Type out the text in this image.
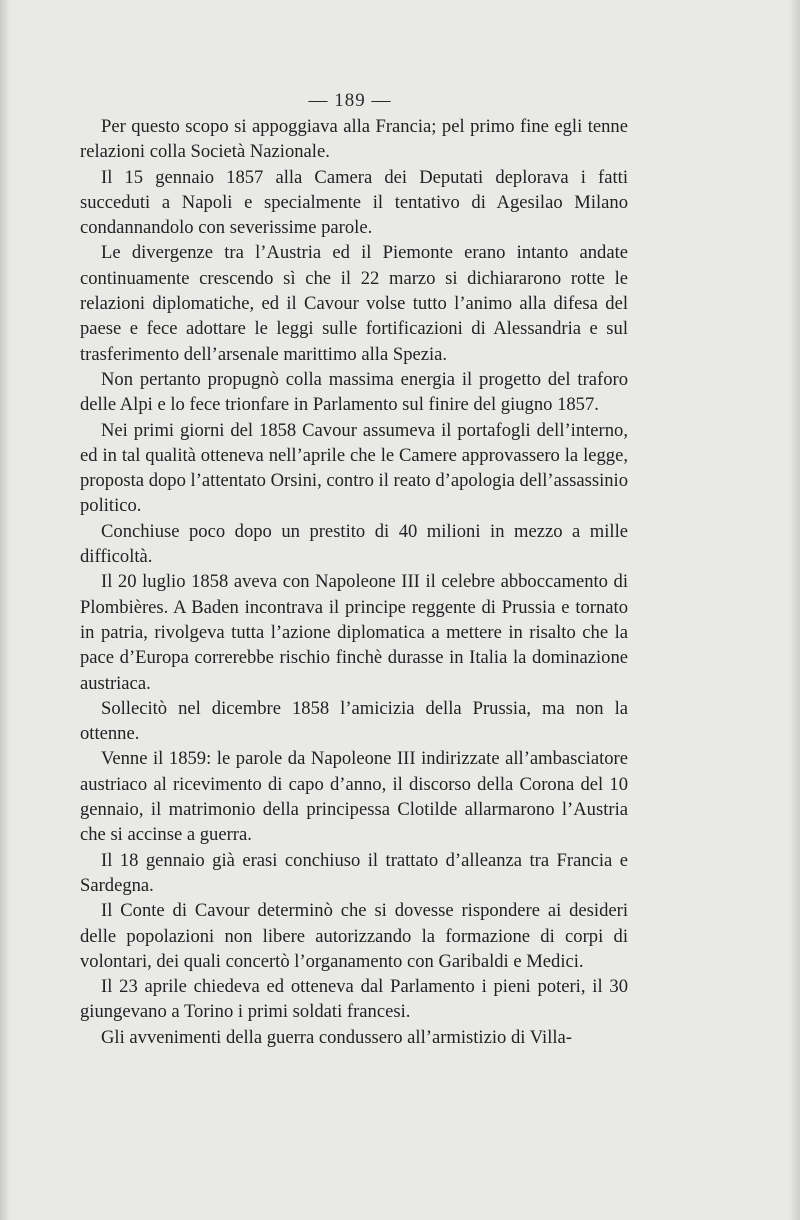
— 189 —

Per questo scopo si appoggiava alla Francia; pel primo fine egli tenne relazioni colla Società Nazionale.

Il 15 gennaio 1857 alla Camera dei Deputati deplorava i fatti succeduti a Napoli e specialmente il tentativo di Agesilao Milano condannandolo con severissime parole.

Le divergenze tra l’Austria ed il Piemonte erano intanto andate continuamente crescendo sì che il 22 marzo si dichiararono rotte le relazioni diplomatiche, ed il Cavour volse tutto l’animo alla difesa del paese e fece adottare le leggi sulle fortificazioni di Alessandria e sul trasferimento dell’arsenale marittimo alla Spezia.

Non pertanto propugnò colla massima energia il progetto del traforo delle Alpi e lo fece trionfare in Parlamento sul finire del giugno 1857.

Nei primi giorni del 1858 Cavour assumeva il portafogli dell’interno, ed in tal qualità otteneva nell’aprile che le Camere approvassero la legge, proposta dopo l’attentato Orsini, contro il reato d’apologia dell’assassinio politico.

Conchiuse poco dopo un prestito di 40 milioni in mezzo a mille difficoltà.

Il 20 luglio 1858 aveva con Napoleone III il celebre abboccamento di Plombières. A Baden incontrava il principe reggente di Prussia e tornato in patria, rivolgeva tutta l’azione diplomatica a mettere in risalto che la pace d’Europa correrebbe rischio finchè durasse in Italia la dominazione austriaca.

Sollecitò nel dicembre 1858 l’amicizia della Prussia, ma non la ottenne.

Venne il 1859: le parole da Napoleone III indirizzate all’ambasciatore austriaco al ricevimento di capo d’anno, il discorso della Corona del 10 gennaio, il matrimonio della principessa Clotilde allarmarono l’Austria che si accinse a guerra.

Il 18 gennaio già erasi conchiuso il trattato d’alleanza tra Francia e Sardegna.

Il Conte di Cavour determinò che si dovesse rispondere ai desideri delle popolazioni non libere autorizzando la formazione di corpi di volontari, dei quali concertò l’organamento con Garibaldi e Medici.

Il 23 aprile chiedeva ed otteneva dal Parlamento i pieni poteri, il 30 giungevano a Torino i primi soldati francesi.

Gli avvenimenti della guerra condussero all’armistizio di Villa-
